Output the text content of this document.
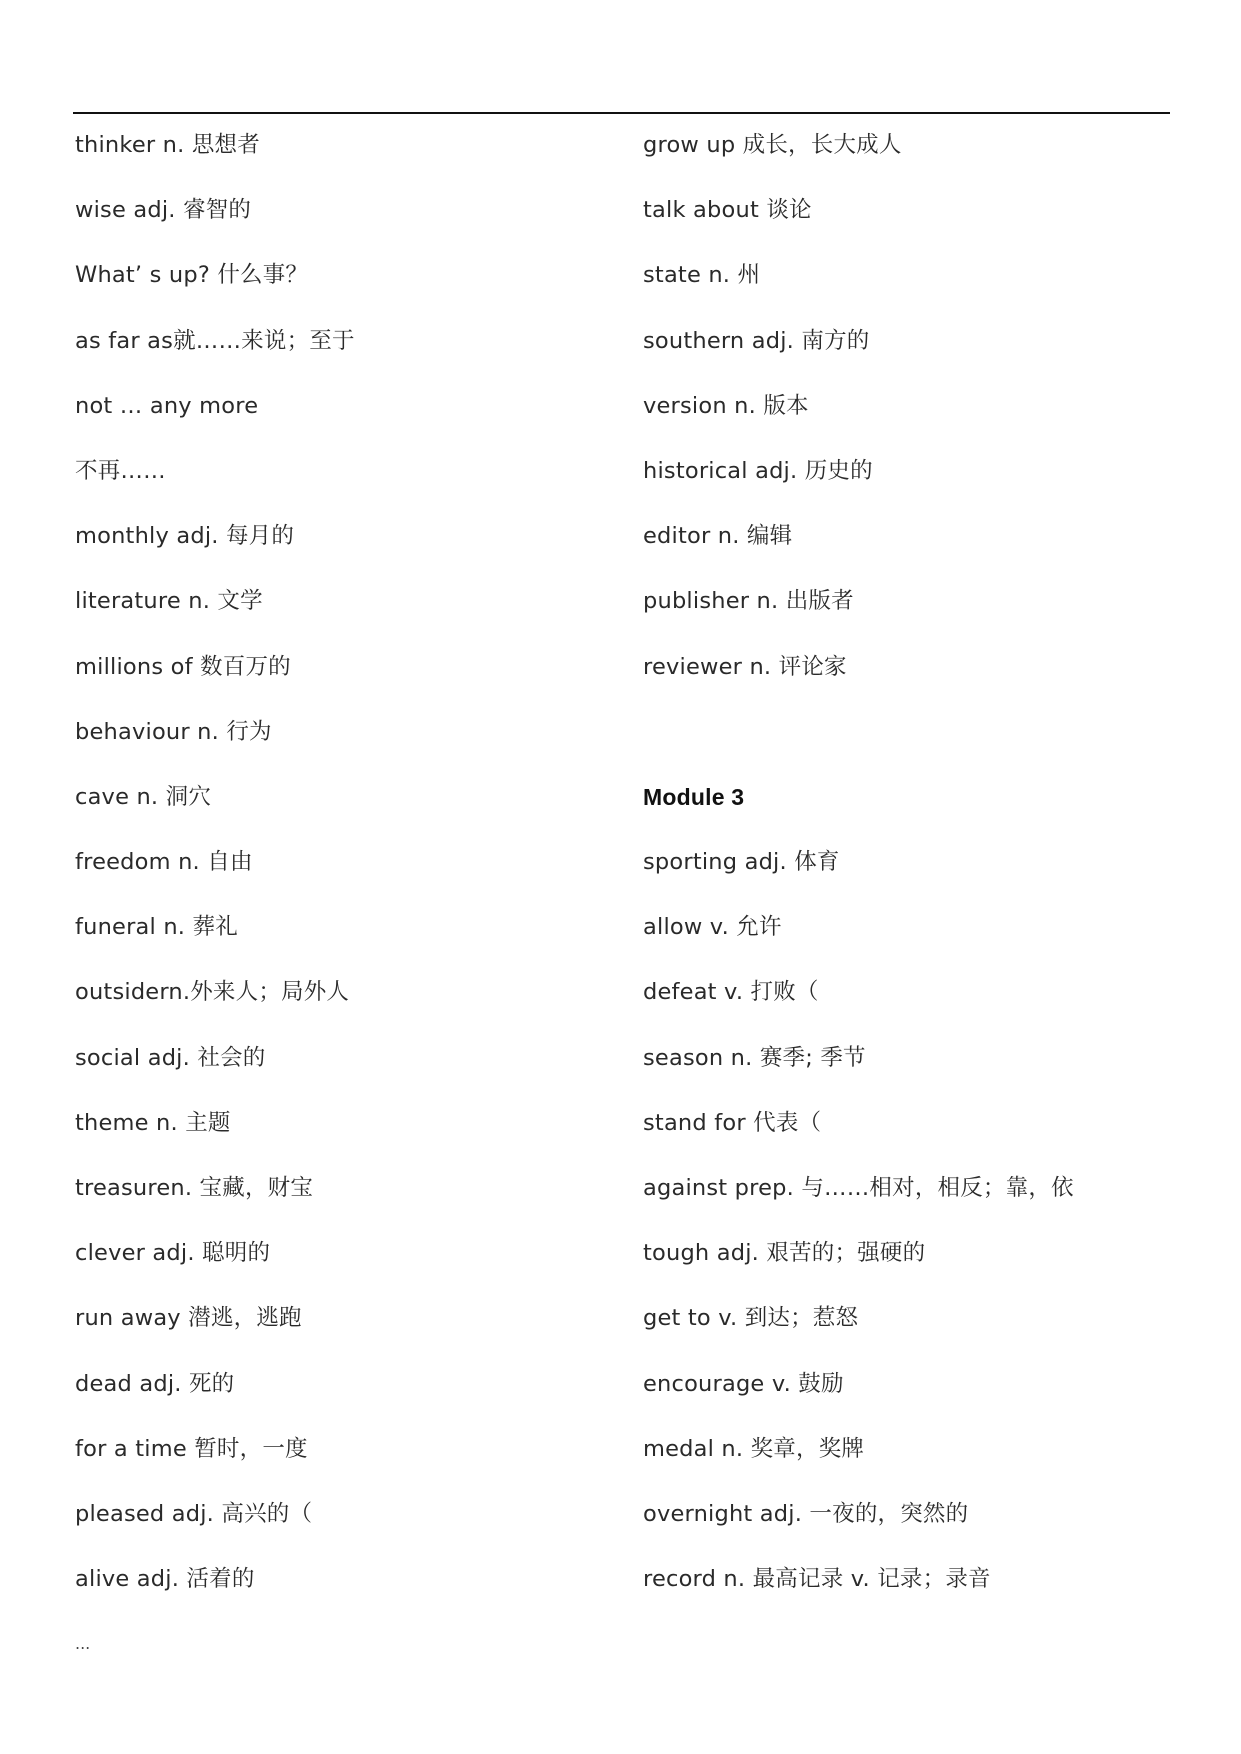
thinker n. 思想者
wise adj. 睿智的
What’ s up? 什么事？
as far as就……来说；至于
not … any more
不再……
monthly adj. 每月的
literature n. 文学
millions of 数百万的
behaviour n. 行为
cave n. 洞穴
freedom n. 自由
funeral n. 葬礼
outsidern.外来人；局外人
social adj. 社会的
theme n. 主题
treasuren. 宝藏，财宝
clever adj. 聪明的
run away 潜逃，逃跑
dead adj. 死的
for a time 暂时，一度
pleased adj. 高兴的（
alive adj. 活着的
grow up 成长，长大成人
talk about 谈论
state n. 州
southern adj. 南方的
version n. 版本
historical adj. 历史的
editor n. 编辑
publisher n. 出版者
reviewer n. 评论家
Module 3
sporting adj. 体育
allow v. 允许
defeat v. 打败（
season n. 赛季; 季节
stand for 代表（
against prep. 与……相对，相反；靠，依
tough adj. 艰苦的；强硬的
get to v. 到达；惹怒
encourage v. 鼓励
medal n. 奖章，奖牌
overnight adj. 一夜的，突然的
record n. 最高记录 v. 记录；录音
...
